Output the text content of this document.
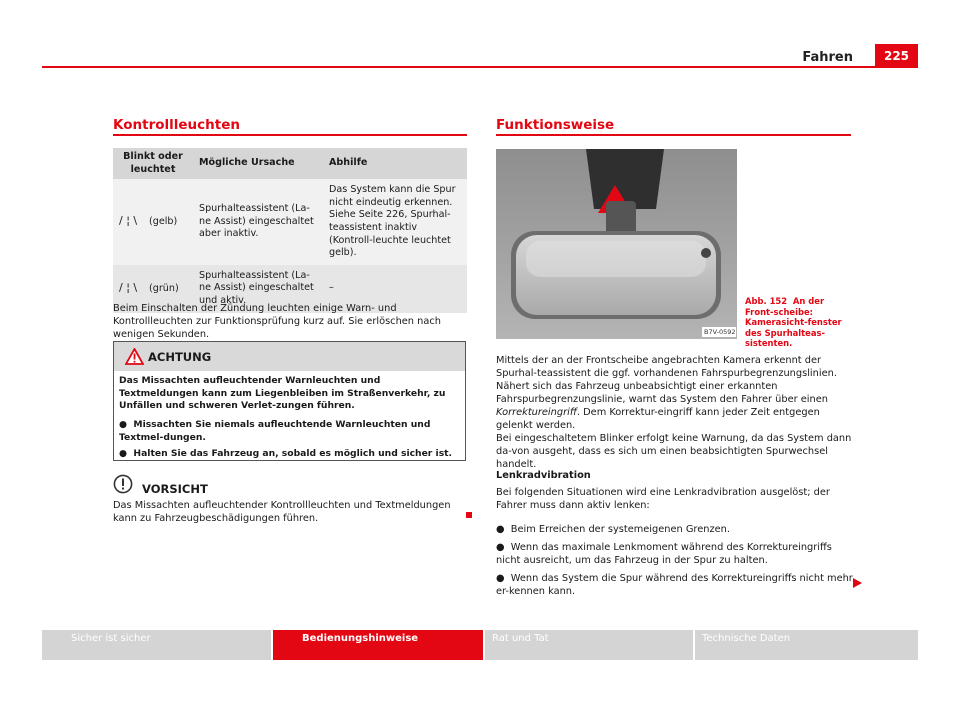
Fahren	225
Kontrollleuchten
Blinkt oder leuchtet	Mögliche Ursache	Abhilfe
/ ¦ \ (gelb)	Spurhalteassistent (La-ne Assist) eingeschaltet aber inaktiv.	Das System kann die Spur nicht eindeutig erkennen. Siehe Seite 226, Spurhal-teassistent inaktiv (Kontroll-leuchte leuchtet gelb).
/ ¦ \ (grün)	Spurhalteassistent (La-ne Assist) eingeschaltet und aktiv.	–
Beim Einschalten der Zündung leuchten einige Warn- und Kontrollleuchten zur Funktionsprüfung kurz auf. Sie erlöschen nach wenigen Sekunden.
ACHTUNG
Das Missachten aufleuchtender Warnleuchten und Textmeldungen kann zum Liegenbleiben im Straßenverkehr, zu Unfällen und schweren Verlet-zungen führen.
●  Missachten Sie niemals aufleuchtende Warnleuchten und Textmel-dungen.
●  Halten Sie das Fahrzeug an, sobald es möglich und sicher ist.
VORSICHT
Das Missachten aufleuchtender Kontrollleuchten und Textmeldungen kann zu Fahrzeugbeschädigungen führen.
Funktionsweise
B7V-0592
Abb. 152 An der Front-scheibe: Kamerasicht-fenster des Spurhalteas-sistenten.
Mittels der an der Frontscheibe angebrachten Kamera erkennt der Spurhal-teassistent die ggf. vorhandenen Fahrspurbegrenzungslinien. Nähert sich das Fahrzeug unbeabsichtigt einer erkannten Fahrspurbegrenzungslinie, warnt das System den Fahrer über einen Korrektureingriff. Dem Korrektur-eingriff kann jeder Zeit entgegen gelenkt werden.
Bei eingeschaltetem Blinker erfolgt keine Warnung, da das System dann da-von ausgeht, dass es sich um einen beabsichtigten Spurwechsel handelt.
Lenkradvibration
Bei folgenden Situationen wird eine Lenkradvibration ausgelöst; der Fahrer muss dann aktiv lenken:
●  Beim Erreichen der systemeigenen Grenzen.
●  Wenn das maximale Lenkmoment während des Korrektureingriffs nicht ausreicht, um das Fahrzeug in der Spur zu halten.
●  Wenn das System die Spur während des Korrektureingriffs nicht mehr er-kennen kann.
Sicher ist sicher	Bedienungshinweise	Rat und Tat	Technische Daten
